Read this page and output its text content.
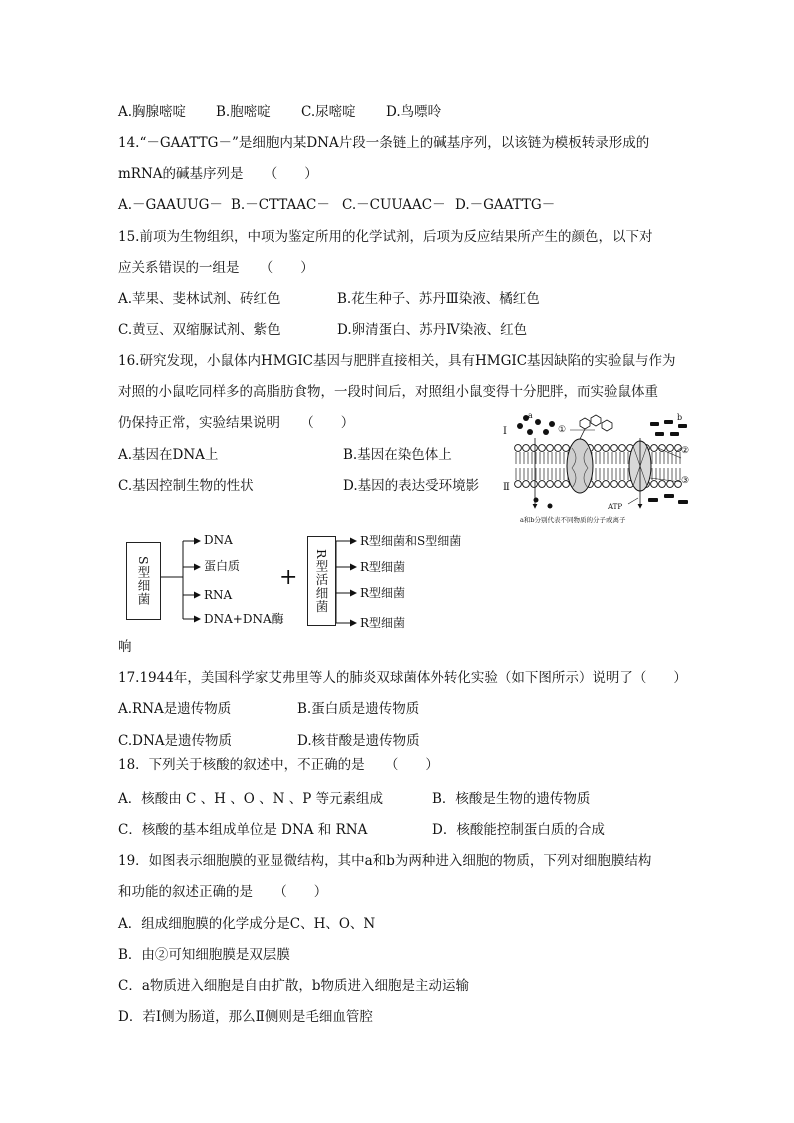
A.胸腺嘧啶 B.胞嘧啶 C.尿嘧啶 D.鸟嘌呤
14.“－GAATTG－”是细胞内某DNA片段一条链上的碱基序列，以该链为模板转录形成的
mRNA的碱基序列是　　（　　）
A.－GAAUUG－ B.－CTTAAC－ C.－CUUAAC－ D.－GAATTG－
15.前项为生物组织，中项为鉴定所用的化学试剂，后项为反应结果所产生的颜色，以下对
应关系错误的一组是　　（　　）
A.苹果、斐林试剂、砖红色	B.花生种子、苏丹Ⅲ染液、橘红色
C.黄豆、双缩脲试剂、紫色	D.卵清蛋白、苏丹Ⅳ染液、红色
16.研究发现，小鼠体内HMGIC基因与肥胖直接相关，具有HMGIC基因缺陷的实验鼠与作为
对照的小鼠吃同样多的高脂肪食物，一段时间后，对照组小鼠变得十分肥胖，而实验鼠体重
仍保持正常，实验结果说明　　（　　）
A.基因在DNA上	B.基因在染色体上
C.基因控制生物的性状	D.基因的表达受环境影
Ⅰ
Ⅱ
a	b
①
②
③
ATP
a和b分别代表不同物质的分子或离子
S型细菌
DNA
蛋白质
RNA
DNA+DNA酶
+	R型活细菌
R型细菌和S型细菌
R型细菌
R型细菌
R型细菌
响
17.1944年，美国科学家艾弗里等人的肺炎双球菌体外转化实验（如下图所示）说明了（　　）
A.RNA是遗传物质	B.蛋白质是遗传物质
C.DNA是遗传物质	D.核苷酸是遗传物质
18．下列关于核酸的叙述中，不正确的是　　（　　）
A．核酸由 C 、H 、O 、N 、P 等元素组成	B．核酸是生物的遗传物质
C．核酸的基本组成单位是 DNA 和 RNA	D．核酸能控制蛋白质的合成
19．如图表示细胞膜的亚显微结构，其中a和b为两种进入细胞的物质，下列对细胞膜结构
和功能的叙述正确的是　　（　　）
A．组成细胞膜的化学成分是C、H、O、N
B．由②可知细胞膜是双层膜
C．a物质进入细胞是自由扩散，b物质进入细胞是主动运输
D．若Ⅰ侧为肠道，那么Ⅱ侧则是毛细血管腔
